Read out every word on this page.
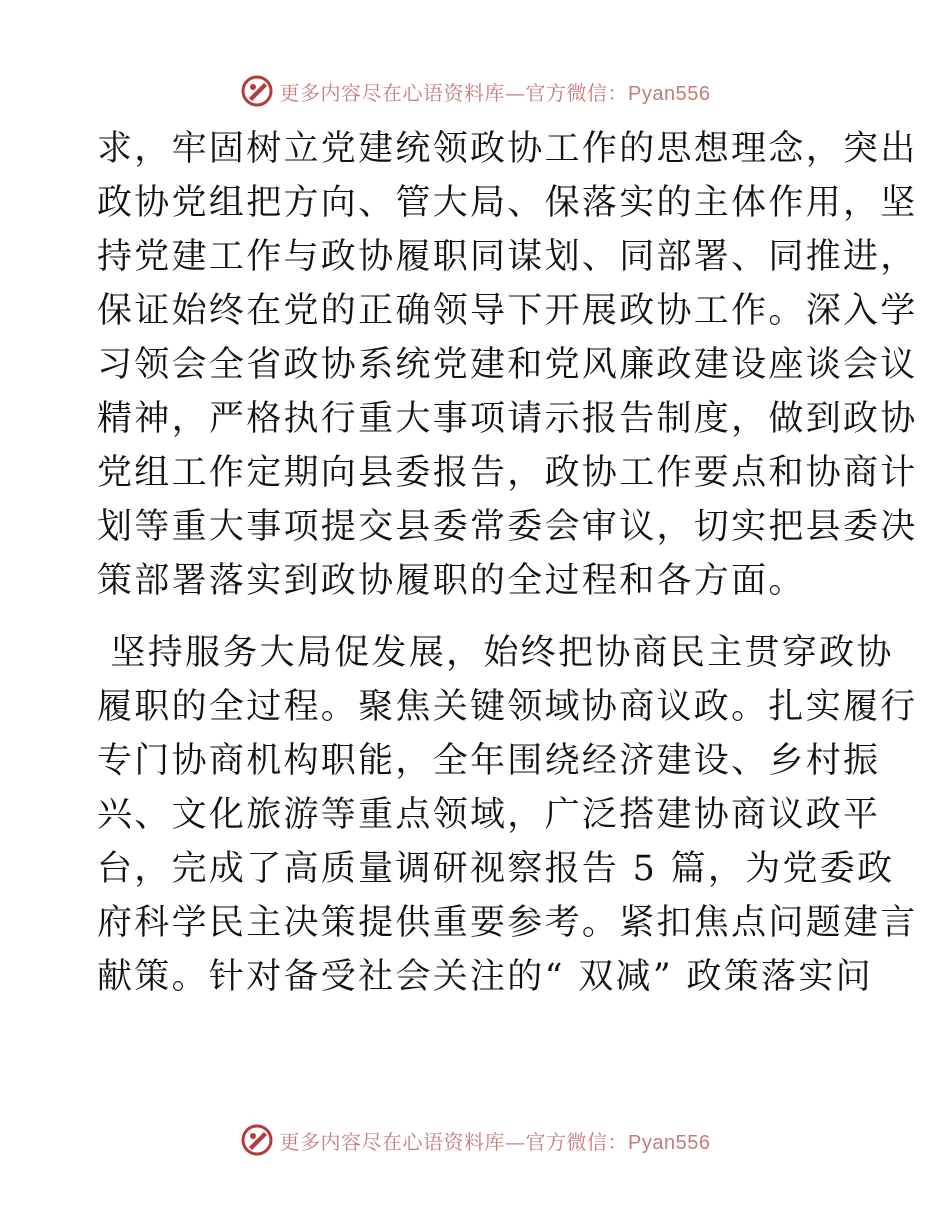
更多内容尽在心语资料库—官方微信：Pyan556
求，牢固树立党建统领政协工作的思想理念，突出
政协党组把方向、管大局、保落实的主体作用，坚
持党建工作与政协履职同谋划、同部署、同推进，
保证始终在党的正确领导下开展政协工作。深入学
习领会全省政协系统党建和党风廉政建设座谈会议
精神，严格执行重大事项请示报告制度，做到政协
党组工作定期向县委报告，政协工作要点和协商计
划等重大事项提交县委常委会审议，切实把县委决
策部署落实到政协履职的全过程和各方面。
坚持服务大局促发展，始终把协商民主贯穿政协
履职的全过程。聚焦关键领域协商议政。扎实履行
专门协商机构职能，全年围绕经济建设、乡村振
兴、文化旅游等重点领域，广泛搭建协商议政平
台，完成了高质量调研视察报告 5 篇，为党委政
府科学民主决策提供重要参考。紧扣焦点问题建言
献策。针对备受社会关注的“ 双减” 政策落实问
更多内容尽在心语资料库—官方微信：Pyan556
